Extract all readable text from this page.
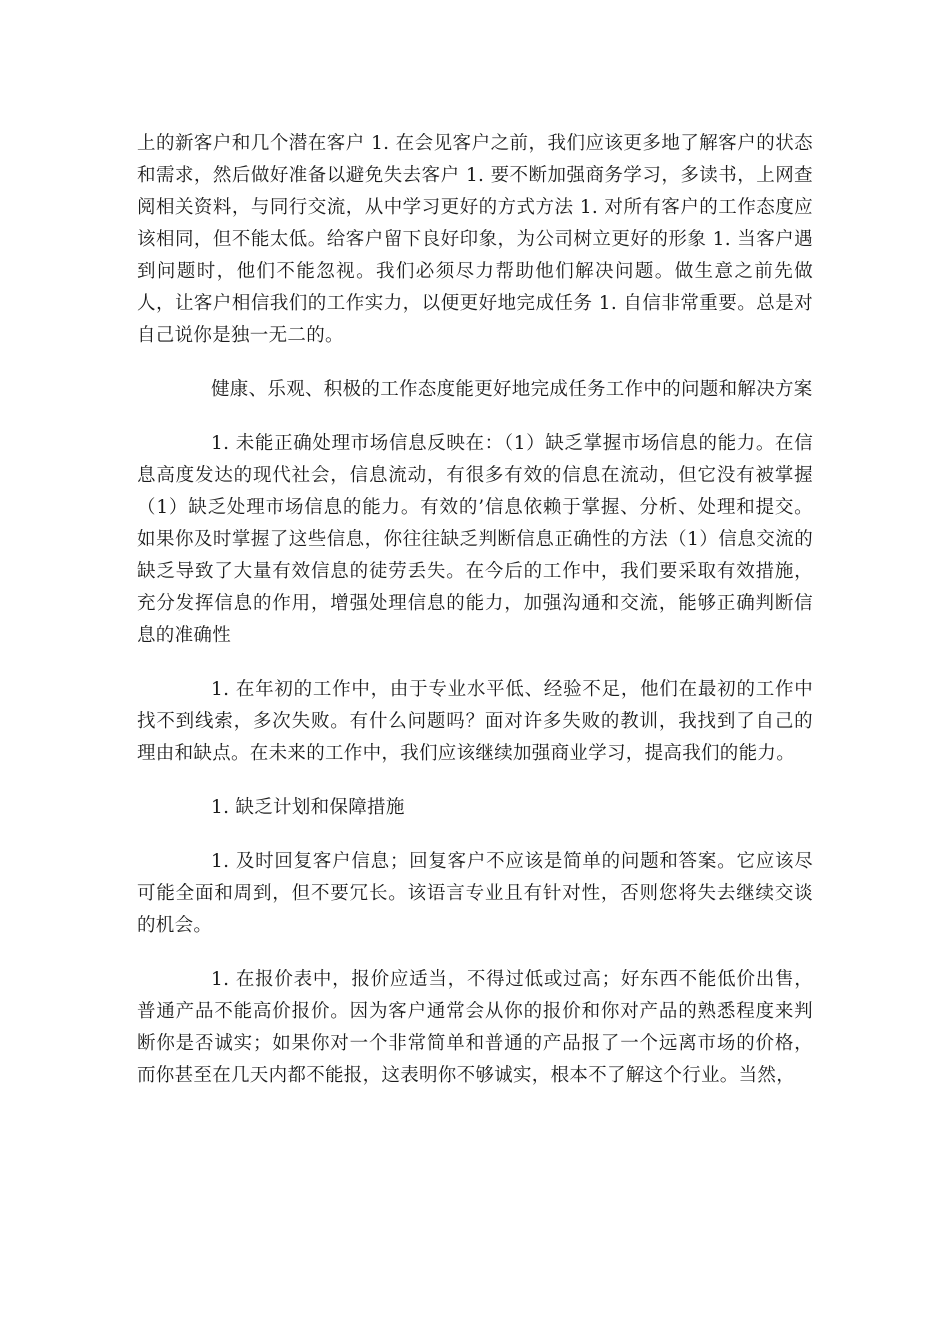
上的新客户和几个潜在客户 1. 在会见客户之前，我们应该更多地了解客户的状态和需求，然后做好准备以避免失去客户 1. 要不断加强商务学习，多读书，上网查阅相关资料，与同行交流，从中学习更好的方式方法 1. 对所有客户的工作态度应该相同，但不能太低。给客户留下良好印象，为公司树立更好的形象 1. 当客户遇到问题时，他们不能忽视。我们必须尽力帮助他们解决问题。做生意之前先做人，让客户相信我们的工作实力，以便更好地完成任务 1. 自信非常重要。总是对自己说你是独一无二的。

健康、乐观、积极的工作态度能更好地完成任务工作中的问题和解决方案

1. 未能正确处理市场信息反映在：（1）缺乏掌握市场信息的能力。在信息高度发达的现代社会，信息流动，有很多有效的信息在流动，但它没有被掌握（1）缺乏处理市场信息的能力。有效的’信息依赖于掌握、分析、处理和提交。如果你及时掌握了这些信息，你往往缺乏判断信息正确性的方法（1）信息交流的缺乏导致了大量有效信息的徒劳丢失。在今后的工作中，我们要采取有效措施，充分发挥信息的作用，增强处理信息的能力，加强沟通和交流，能够正确判断信息的准确性

1. 在年初的工作中，由于专业水平低、经验不足，他们在最初的工作中找不到线索，多次失败。有什么问题吗？面对许多失败的教训，我找到了自己的理由和缺点。在未来的工作中，我们应该继续加强商业学习，提高我们的能力。

1. 缺乏计划和保障措施

1. 及时回复客户信息；回复客户不应该是简单的问题和答案。它应该尽可能全面和周到，但不要冗长。该语言专业且有针对性，否则您将失去继续交谈的机会。

1. 在报价表中，报价应适当，不得过低或过高；好东西不能低价出售，普通产品不能高价报价。因为客户通常会从你的报价和你对产品的熟悉程度来判断你是否诚实；如果你对一个非常简单和普通的产品报了一个远离市场的价格，而你甚至在几天内都不能报，这表明你不够诚实，根本不了解这个行业。当然，
